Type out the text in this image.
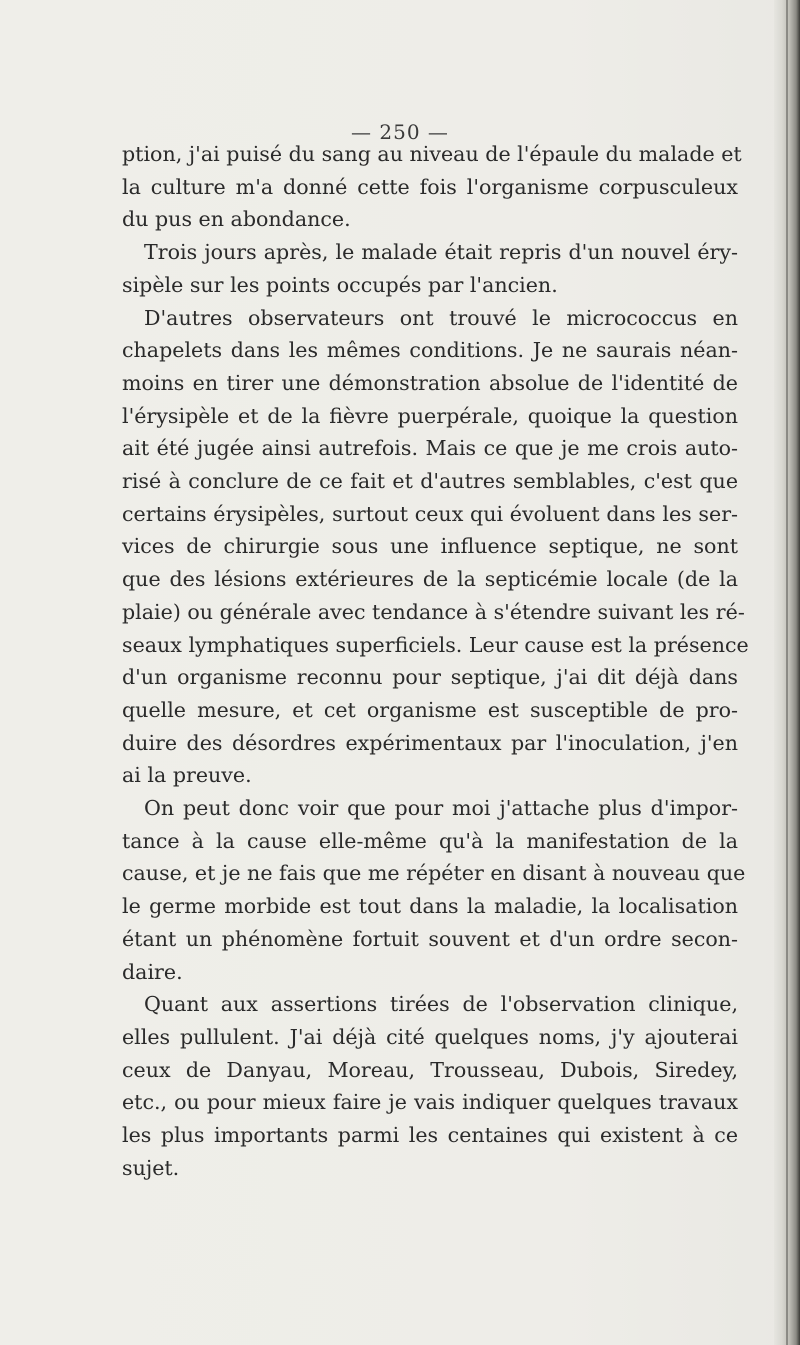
— 250 —
ption, j'ai puisé du sang au niveau de l'épaule du malade et
la culture m'a donné cette fois l'organisme corpusculeux
du pus en abondance.
Trois jours après, le malade était repris d'un nouvel éry-
sipèle sur les points occupés par l'ancien.
D'autres observateurs ont trouvé le micrococcus en
chapelets dans les mêmes conditions. Je ne saurais néan-
moins en tirer une démonstration absolue de l'identité de
l'érysipèle et de la fièvre puerpérale, quoique la question
ait été jugée ainsi autrefois. Mais ce que je me crois auto-
risé à conclure de ce fait et d'autres semblables, c'est que
certains érysipèles, surtout ceux qui évoluent dans les ser-
vices de chirurgie sous une influence septique, ne sont
que des lésions extérieures de la septicémie locale (de la
plaie) ou générale avec tendance à s'étendre suivant les ré-
seaux lymphatiques superficiels. Leur cause est la présence
d'un organisme reconnu pour septique, j'ai dit déjà dans
quelle mesure, et cet organisme est susceptible de pro-
duire des désordres expérimentaux par l'inoculation, j'en
ai la preuve.
On peut donc voir que pour moi j'attache plus d'impor-
tance à la cause elle-même qu'à la manifestation de la
cause, et je ne fais que me répéter en disant à nouveau que
le germe morbide est tout dans la maladie, la localisation
étant un phénomène fortuit souvent et d'un ordre secon-
daire.
Quant aux assertions tirées de l'observation clinique,
elles pullulent. J'ai déjà cité quelques noms, j'y ajouterai
ceux de Danyau, Moreau, Trousseau, Dubois, Siredey,
etc., ou pour mieux faire je vais indiquer quelques travaux
les plus importants parmi les centaines qui existent à ce
sujet.
